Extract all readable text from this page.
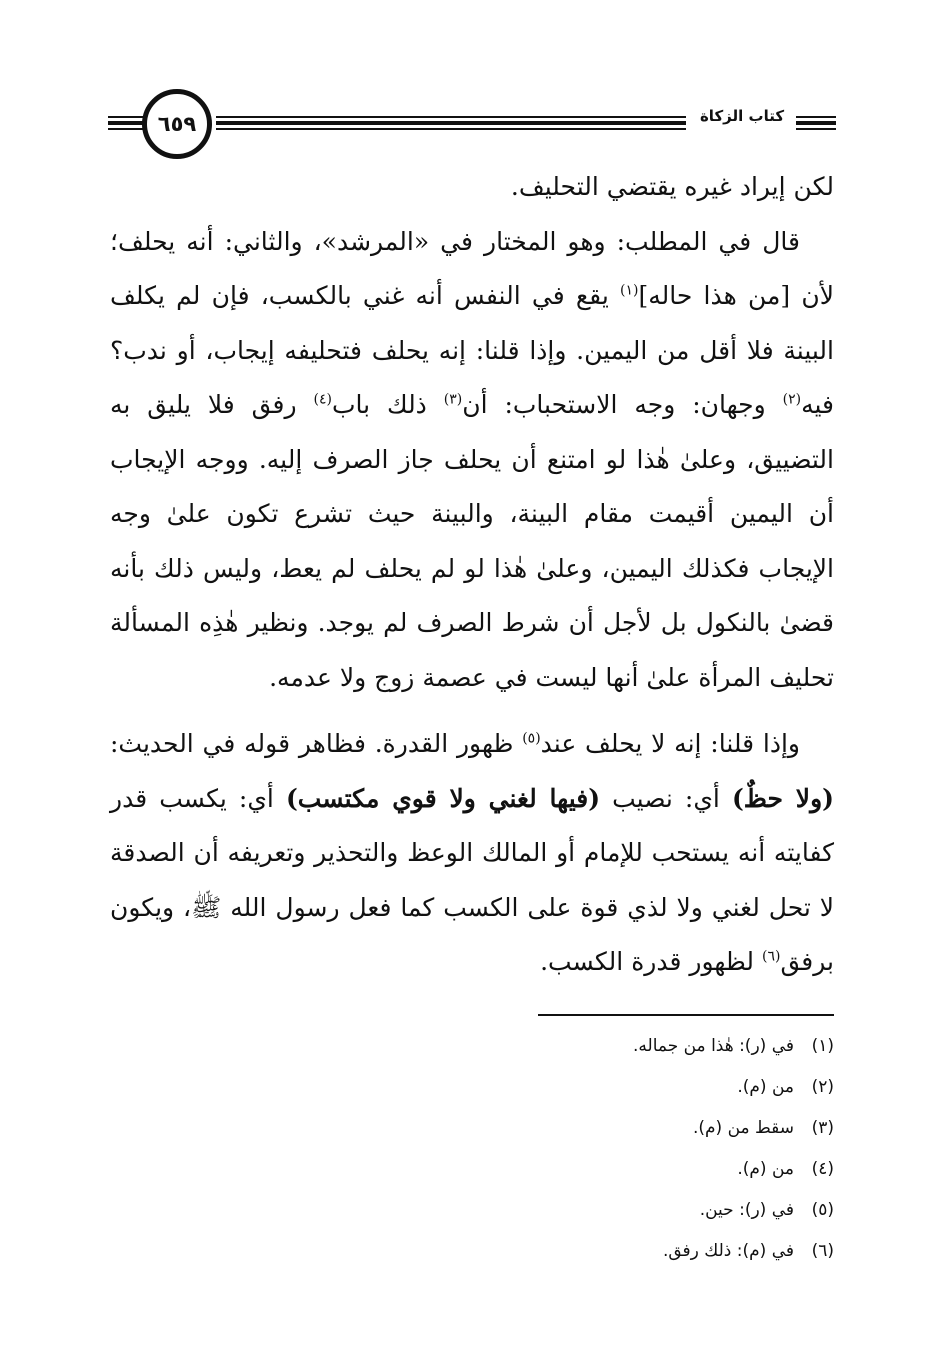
٦٥٩	كتاب الزكاة

لكن إيراد غيره يقتضي التحليف.

قال في المطلب: وهو المختار في «المرشد»، والثاني: أنه يحلف؛ لأن [من هذا حاله]$^{(١)}$ يقع في النفس أنه غني بالكسب، فإن لم يكلف البينة فلا أقل من اليمين. وإذا قلنا: إنه يحلف فتحليفه إيجاب، أو ندب؟ فيه$^{(٢)}$ وجهان: وجه الاستحباب: أن$^{(٣)}$ ذلك باب$^{(٤)}$ رفق فلا يليق به التضييق، وعلىٰ هٰذا لو امتنع أن يحلف جاز الصرف إليه. ووجه الإيجاب أن اليمين أقيمت مقام البينة، والبينة حيث تشرع تكون علىٰ وجه الإيجاب فكذلك اليمين، وعلىٰ هٰذا لو لم يحلف لم يعط، وليس ذلك بأنه قضىٰ بالنكول بل لأجل أن شرط الصرف لم يوجد. ونظير هٰذِه المسألة تحليف المرأة علىٰ أنها ليست في عصمة زوج ولا عدمه.

وإذا قلنا: إنه لا يحلف عند$^{(٥)}$ ظهور القدرة. فظاهر قوله في الحديث: (ولا حظٌ) أي: نصيب (فيها لغني ولا قوي مكتسب) أي: يكسب قدر كفايته أنه يستحب للإمام أو المالك الوعظ والتحذير وتعريفه أن الصدقة لا تحل لغني ولا لذي قوة على الكسب كما فعل رسول الله ﷺ، ويكون برفق$^{(٦)}$ لظهور قدرة الكسب.

(١)في (ر): هٰذا من جماله.
(٢)من (م).
(٣)سقط من (م).
(٤)من (م).
(٥)في (ر): حين.
(٦)في (م): ذلك رفق.
